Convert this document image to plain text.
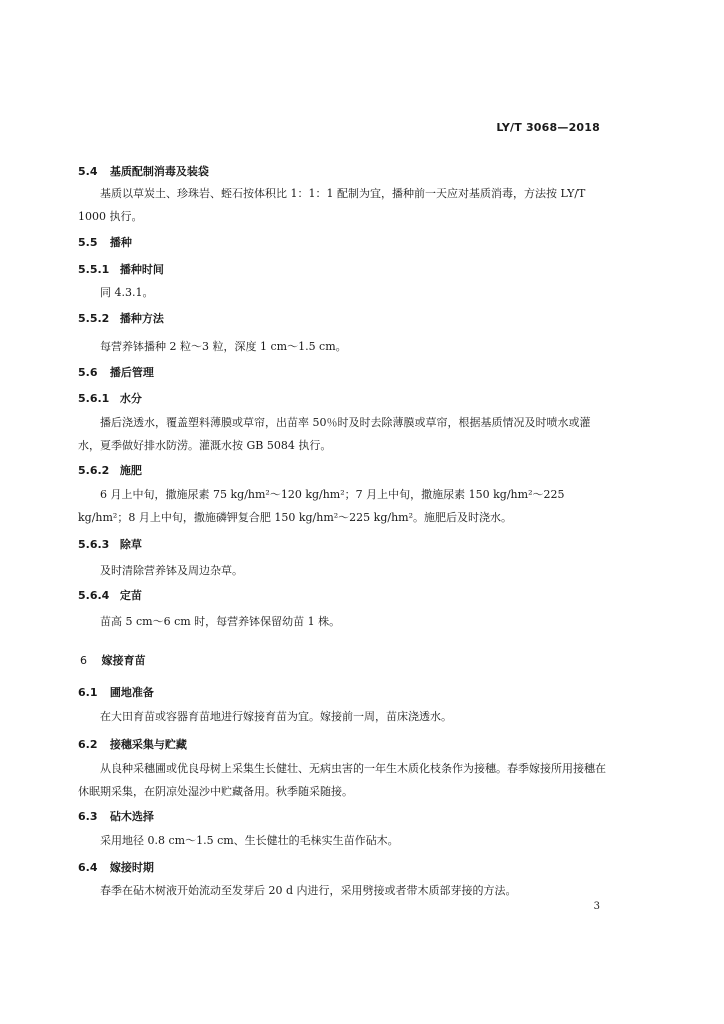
LY/T 3068—2018
5.4 基质配制消毒及装袋
基质以草炭土、珍珠岩、蛭石按体积比 1：1：1 配制为宜，播种前一天应对基质消毒，方法按 LY/T 1000 执行。
5.5 播种
5.5.1 播种时间
同 4.3.1。
5.5.2 播种方法
每营养钵播种 2 粒～3 粒，深度 1 cm～1.5 cm。
5.6 播后管理
5.6.1 水分
播后浇透水，覆盖塑料薄膜或草帘，出苗率 50％时及时去除薄膜或草帘，根据基质情况及时喷水或灌水，夏季做好排水防涝。灌溉水按 GB 5084 执行。
5.6.2 施肥
6 月上中旬，撒施尿素 75 kg/hm²～120 kg/hm²；7 月上中旬，撒施尿素 150 kg/hm²～225 kg/hm²；8 月上中旬，撒施磷钾复合肥 150 kg/hm²～225 kg/hm²。施肥后及时浇水。
5.6.3 除草
及时清除营养钵及周边杂草。
5.6.4 定苗
苗高 5 cm～6 cm 时，每营养钵保留幼苗 1 株。
6 嫁接育苗
6.1 圃地准备
在大田育苗或容器育苗地进行嫁接育苗为宜。嫁接前一周，苗床浇透水。
6.2 接穗采集与贮藏
从良种采穗圃或优良母树上采集生长健壮、无病虫害的一年生木质化枝条作为接穗。春季嫁接所用接穗在休眠期采集，在阴凉处湿沙中贮藏备用。秋季随采随接。
6.3 砧木选择
采用地径 0.8 cm～1.5 cm、生长健壮的毛梾实生苗作砧木。
6.4 嫁接时期
春季在砧木树液开始流动至发芽后 20 d 内进行，采用劈接或者带木质部芽接的方法。
3
